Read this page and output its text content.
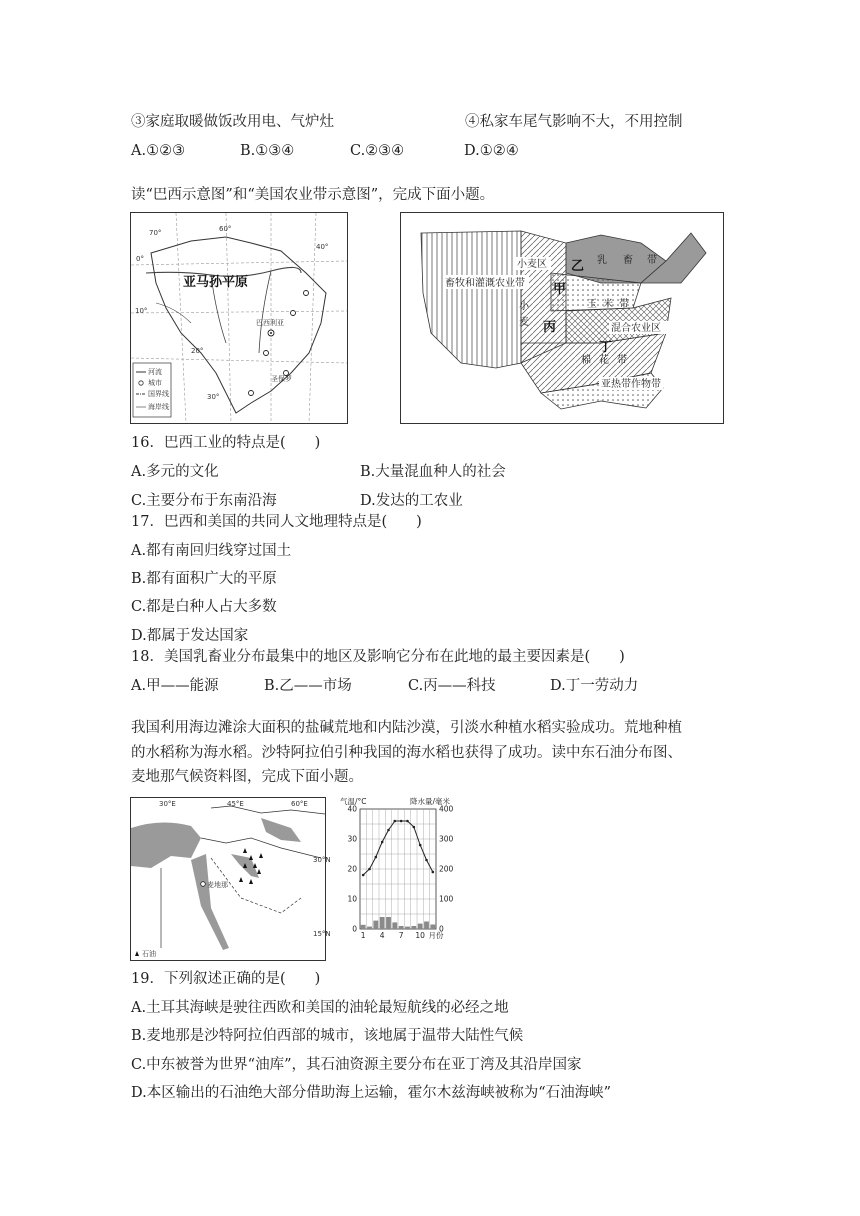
③家庭取暖做饭改用电、气炉灶	④私家车尾气影响不大，不用控制
A.①②③	B.①③④	C.②③④	D.①②④
读“巴西示意图”和“美国农业带示意图”，完成下面小题。
亚马孙平原
巴西利亚
圣保罗
70°	60°
40°
0°
20°
30°
10°
河流
城市
国界线
海岸线
畜牧和灌溉农业带
小麦区
小
麦
乳 畜 带
玉 米 带
混合农业区
棉 花 带
亚热带作物带
乙
甲
丙
丁
16．巴西工业的特点是(　　)
A.多元的文化	B.大量混血种人的社会
C.主要分布于东南沿海	D.发达的工农业
17．巴西和美国的共同人文地理特点是(　　)
A.都有南回归线穿过国土
B.都有面积广大的平原
C.都是白种人占大多数
D.都属于发达国家
18．美国乳畜业分布最集中的地区及影响它分布在此地的最主要因素是(　　)
A.甲——能源	B.乙——市场	C.丙——科技	D.丁一劳动力
我国利用海边滩涂大面积的盐碱荒地和内陆沙漠，引淡水种植水稻实验成功。荒地种植
的水稻称为海水稻。沙特阿拉伯引种我国的海水稻也获得了成功。读中东石油分布图、
麦地那气候资料图，完成下面小题。
麦地那
30°E	45°E	60°E
30°N
15°N
石油
气温/°C	降水量/毫米
40
30
20
10
0
400
300
200
100
0
1 4 7 10 月份
19．下列叙述正确的是(　　)
A.土耳其海峡是驶往西欧和美国的油轮最短航线的必经之地
B.麦地那是沙特阿拉伯西部的城市，该地属于温带大陆性气候
C.中东被誉为世界“油库”，其石油资源主要分布在亚丁湾及其沿岸国家
D.本区输出的石油绝大部分借助海上运输，霍尔木兹海峡被称为“石油海峡”
